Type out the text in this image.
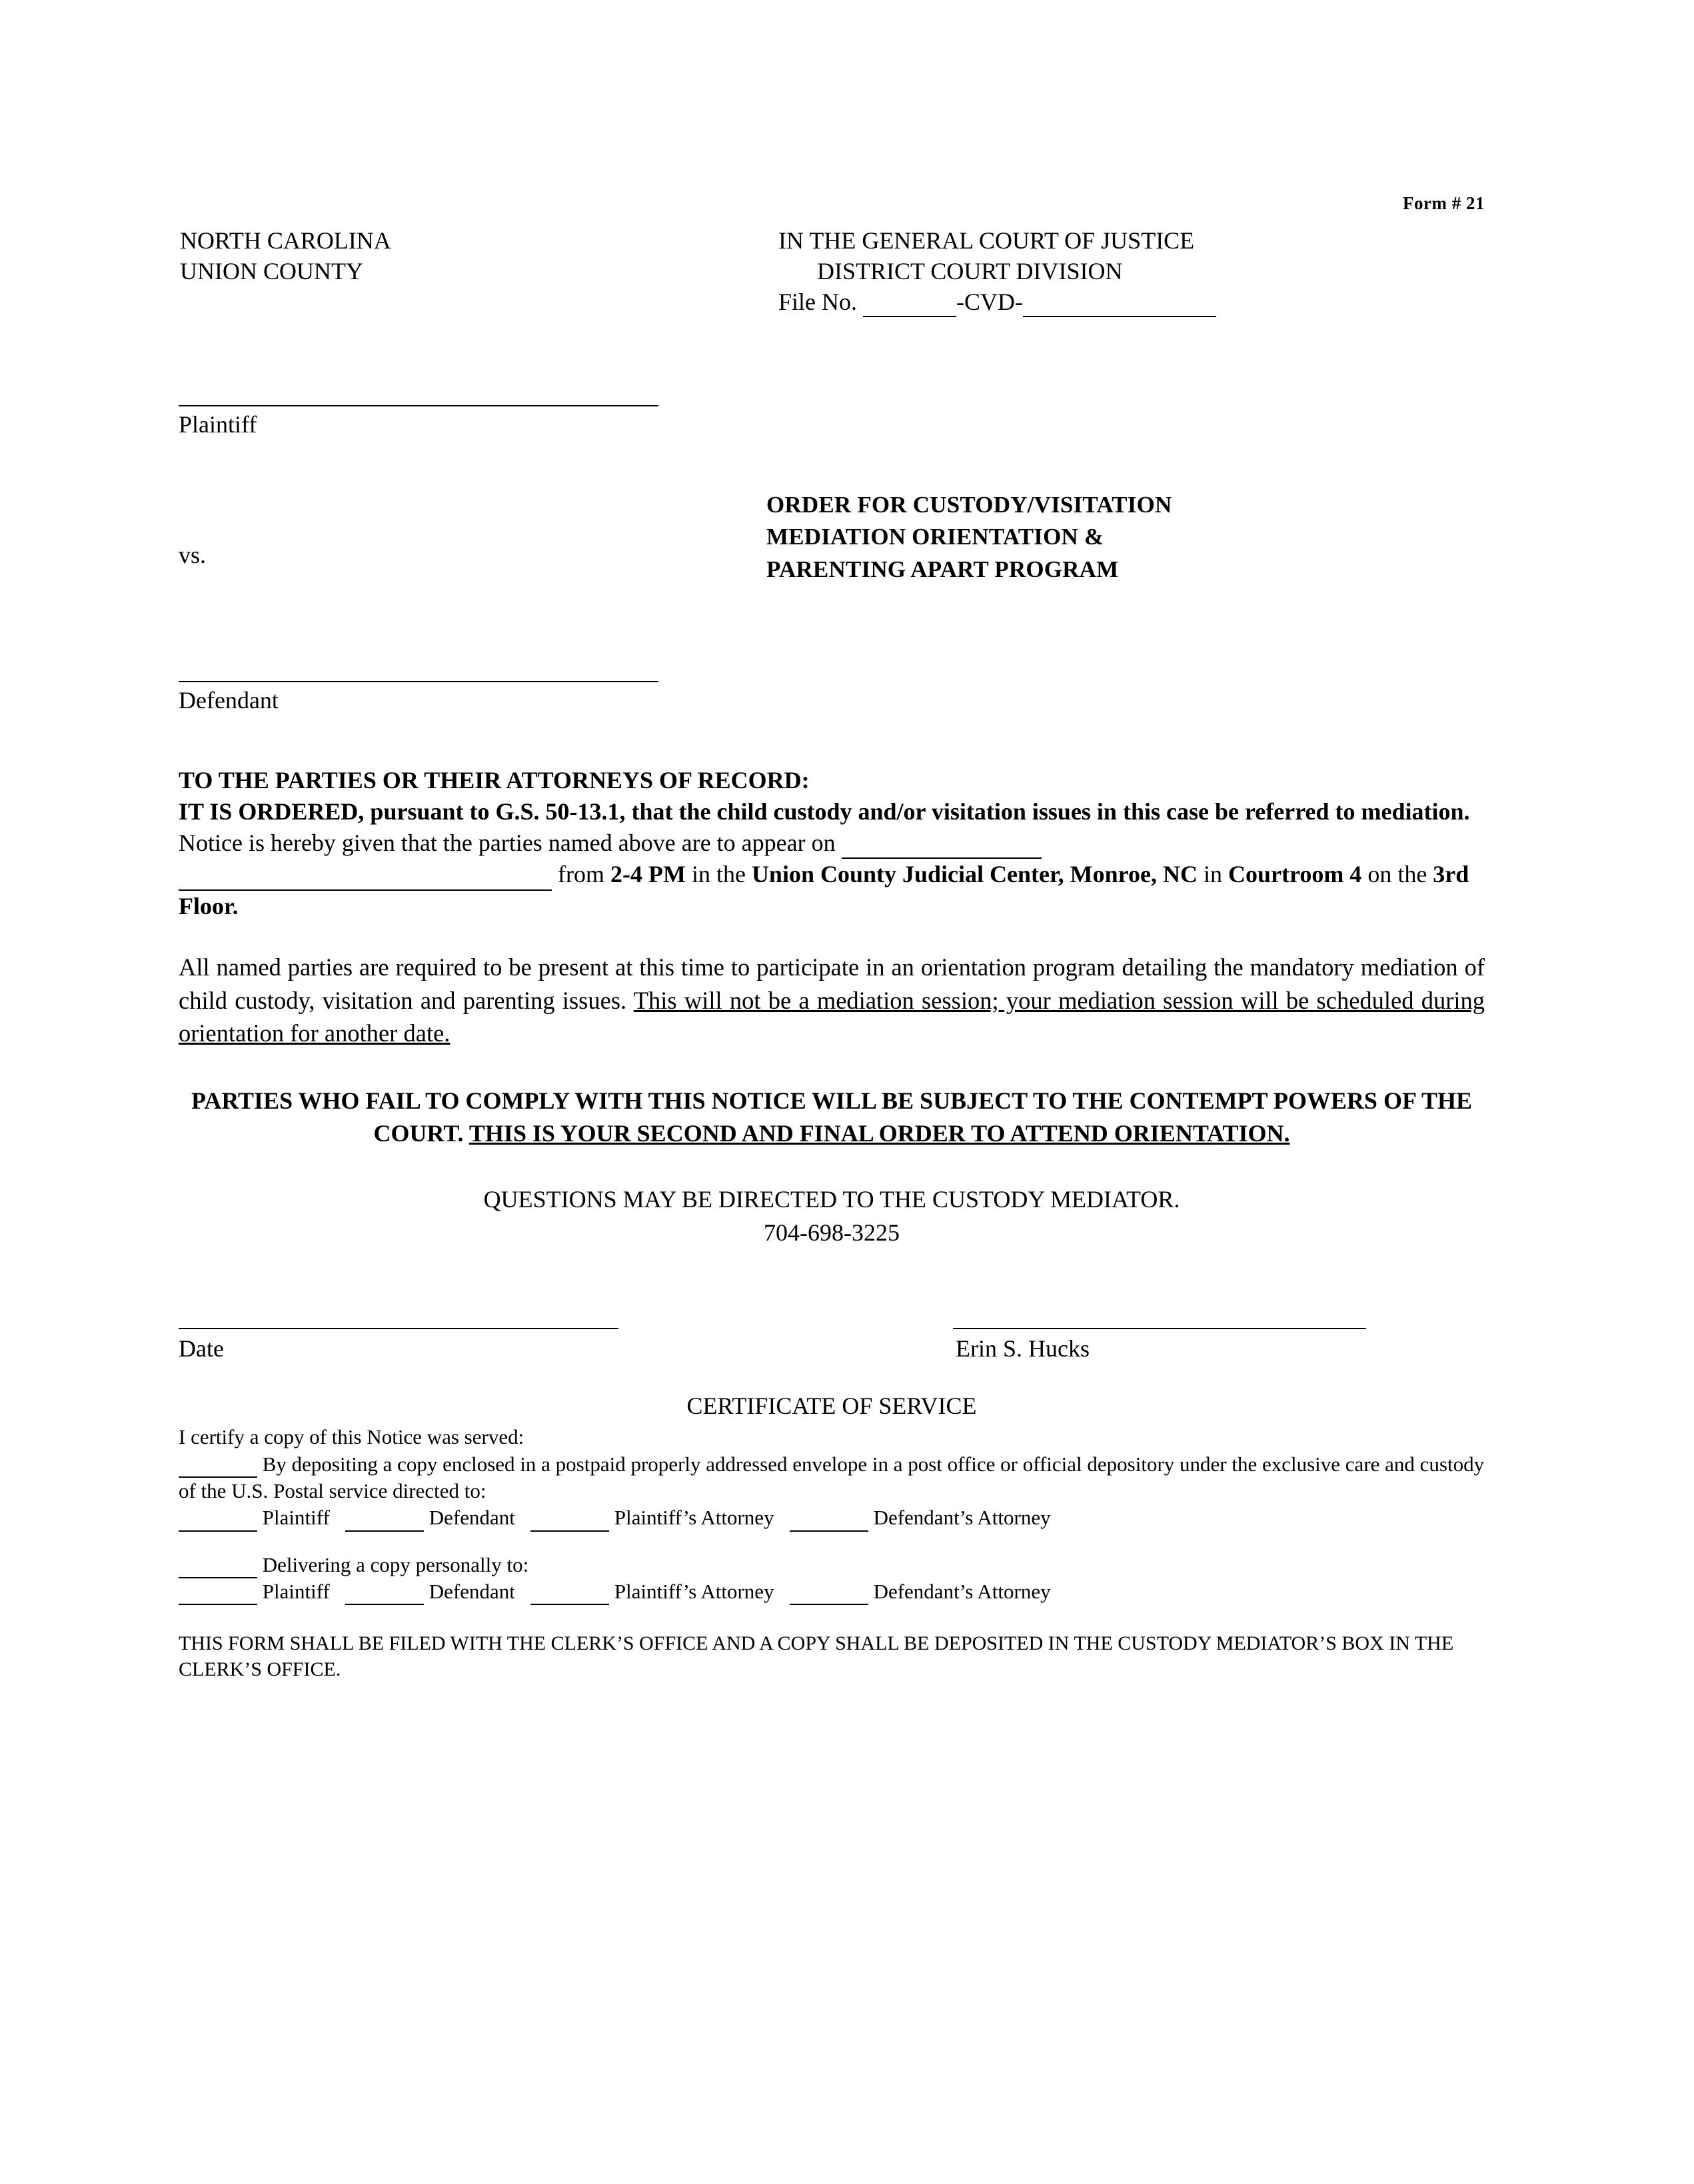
Form # 21
NORTH CAROLINA
UNION COUNTY
IN THE GENERAL COURT OF JUSTICE
DISTRICT COURT DIVISION
File No.	-CVD-
Plaintiff
vs.
ORDER FOR CUSTODY/VISITATION
MEDIATION ORIENTATION &
PARENTING APART PROGRAM
Defendant
TO THE PARTIES OR THEIR ATTORNEYS OF RECORD:
IT IS ORDERED, pursuant to G.S. 50-13.1, that the child custody and/or visitation issues in this case be referred to mediation.
Notice is hereby given that the parties named above are to appear on
from 2-4 PM in the Union County Judicial Center, Monroe, NC in Courtroom 4 on the 3rd Floor.
All named parties are required to be present at this time to participate in an orientation program detailing the mandatory mediation of child custody, visitation and parenting issues. This will not be a mediation session; your mediation session will be scheduled during orientation for another date.
PARTIES WHO FAIL TO COMPLY WITH THIS NOTICE WILL BE SUBJECT TO THE CONTEMPT POWERS OF THE COURT. THIS IS YOUR SECOND AND FINAL ORDER TO ATTEND ORIENTATION.
QUESTIONS MAY BE DIRECTED TO THE CUSTODY MEDIATOR.
704-698-3225
Date	Erin S. Hucks
CERTIFICATE OF SERVICE

I certify a copy of this Notice was served:

By depositing a copy enclosed in a postpaid properly addressed envelope in a post office or official depository under the exclusive care and custody of the U.S. Postal service directed to:

Plaintiff	Defendant	Plaintiff’s Attorney	Defendant’s Attorney

Delivering a copy personally to:

Plaintiff	Defendant	Plaintiff’s Attorney	Defendant’s Attorney

THIS FORM SHALL BE FILED WITH THE CLERK’S OFFICE AND A COPY SHALL BE DEPOSITED IN THE CUSTODY MEDIATOR’S BOX IN THE CLERK’S OFFICE.
